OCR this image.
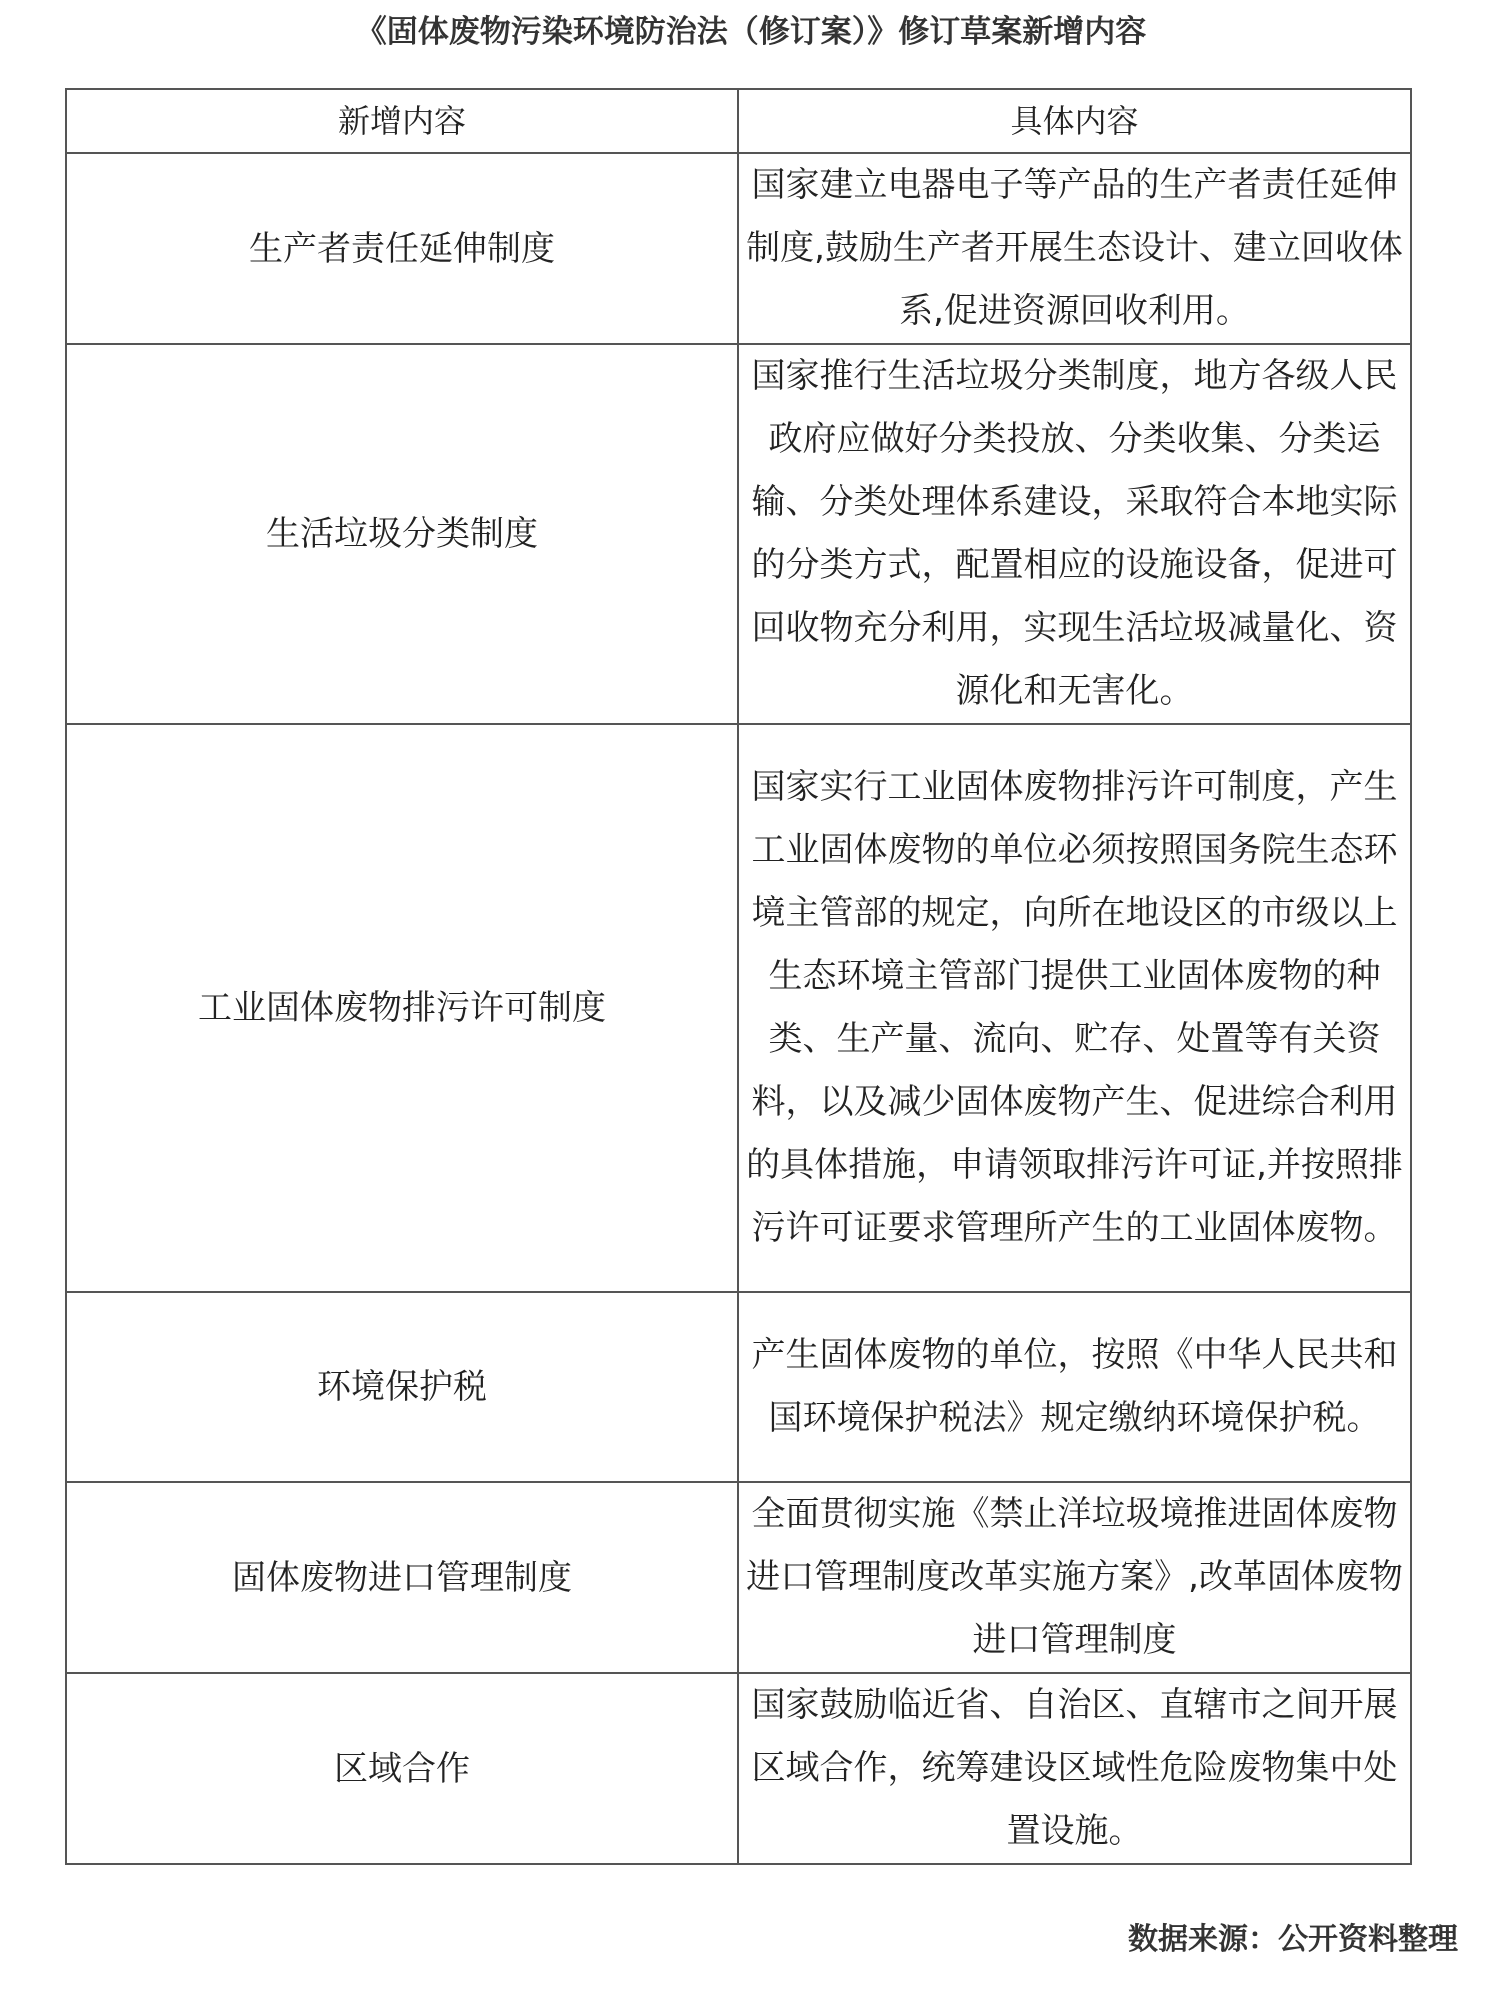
《固体废物污染环境防治法（修订案）》修订草案新增内容
新增内容	具体内容
生产者责任延伸制度	国家建立电器电子等产品的生产者责任延伸制度,鼓励生产者开展生态设计、建立回收体系,促进资源回收利用。
生活垃圾分类制度	国家推行生活垃圾分类制度，地方各级人民政府应做好分类投放、分类收集、分类运输、分类处理体系建设，采取符合本地实际的分类方式，配置相应的设施设备，促进可回收物充分利用，实现生活垃圾减量化、资源化和无害化。
工业固体废物排污许可制度	国家实行工业固体废物排污许可制度，产生工业固体废物的单位必须按照国务院生态环境主管部的规定，向所在地设区的市级以上生态环境主管部门提供工业固体废物的种类、生产量、流向、贮存、处置等有关资料，以及减少固体废物产生、促进综合利用的具体措施，申请领取排污许可证,并按照排污许可证要求管理所产生的工业固体废物。
环境保护税	产生固体废物的单位，按照《中华人民共和国环境保护税法》规定缴纳环境保护税。
固体废物进口管理制度	全面贯彻实施《禁止洋垃圾境推进固体废物进口管理制度改革实施方案》,改革固体废物进口管理制度
区域合作	国家鼓励临近省、自治区、直辖市之间开展区域合作，统筹建设区域性危险废物集中处置设施。
数据来源：公开资料整理
